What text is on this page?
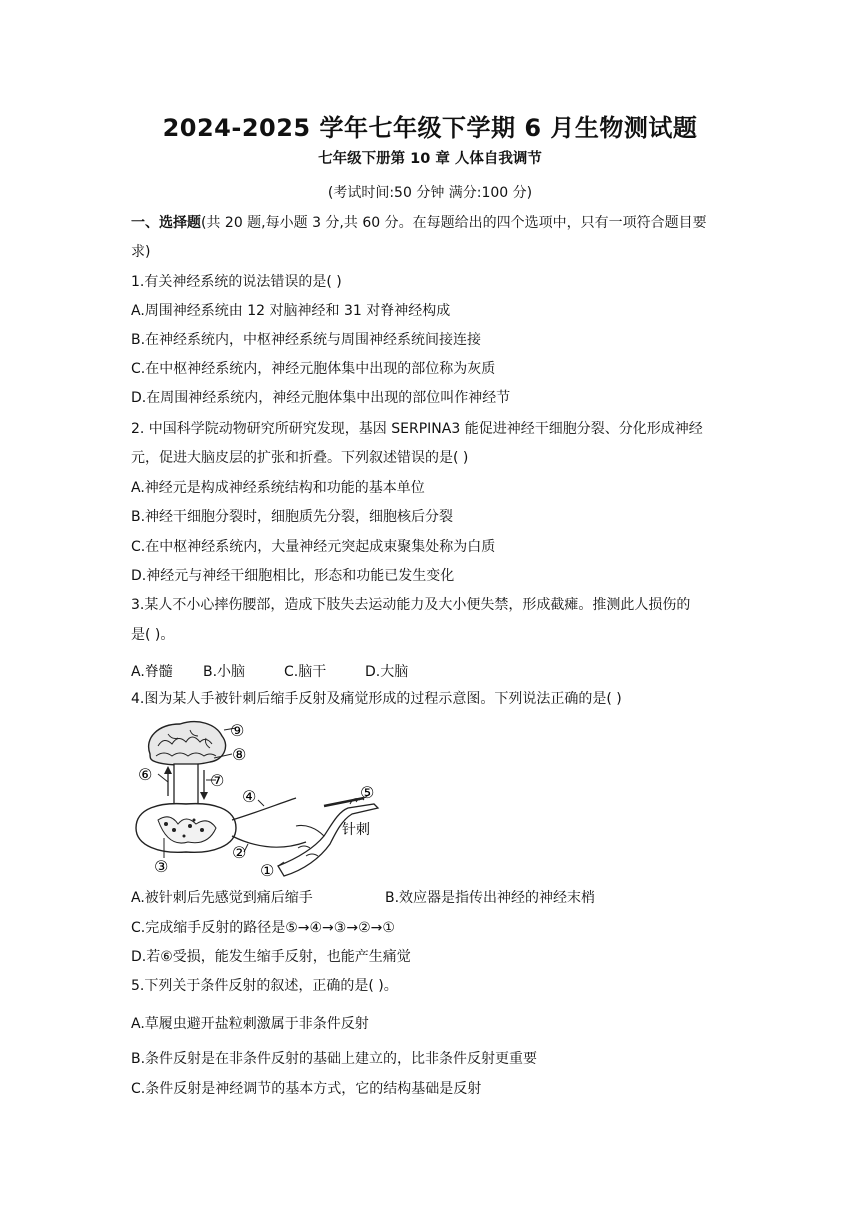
2024-2025 学年七年级下学期 6 月生物测试题
七年级下册第 10 章 人体自我调节
(考试时间:50 分钟 满分:100 分)
一、选择题(共 20 题,每小题 3 分,共 60 分。在每题给出的四个选项中，只有一项符合题目要
求)
1.有关神经系统的说法错误的是( )
A.周围神经系统由 12 对脑神经和 31 对脊神经构成
B.在神经系统内，中枢神经系统与周围神经系统间接连接
C.在中枢神经系统内，神经元胞体集中出现的部位称为灰质
D.在周围神经系统内，神经元胞体集中出现的部位叫作神经节
2. 中国科学院动物研究所研究发现，基因 SERPINA3 能促进神经干细胞分裂、分化形成神经
元，促进大脑皮层的扩张和折叠。下列叙述错误的是( )
A.神经元是构成神经系统结构和功能的基本单位
B.神经干细胞分裂时，细胞质先分裂，细胞核后分裂
C.在中枢神经系统内，大量神经元突起成束聚集处称为白质
D.神经元与神经干细胞相比，形态和功能已发生变化
3.某人不小心摔伤腰部，造成下肢失去运动能力及大小便失禁，形成截瘫。推测此人损伤的
是( )。
A.脊髓 B.小脑	C.脑干	D.大脑
4.图为某人手被针刺后缩手反射及痛觉形成的过程示意图。下列说法正确的是( )
⑨
⑧
⑦
⑥
④	⑤
针刺
③
②
①
A.被针刺后先感觉到痛后缩手	B.效应器是指传出神经的神经末梢
C.完成缩手反射的路径是⑤→④→③→②→①
D.若⑥受损，能发生缩手反射，也能产生痛觉
5.下列关于条件反射的叙述，正确的是( )。
A.草履虫避开盐粒刺激属于非条件反射
B.条件反射是在非条件反射的基础上建立的，比非条件反射更重要
C.条件反射是神经调节的基本方式，它的结构基础是反射
